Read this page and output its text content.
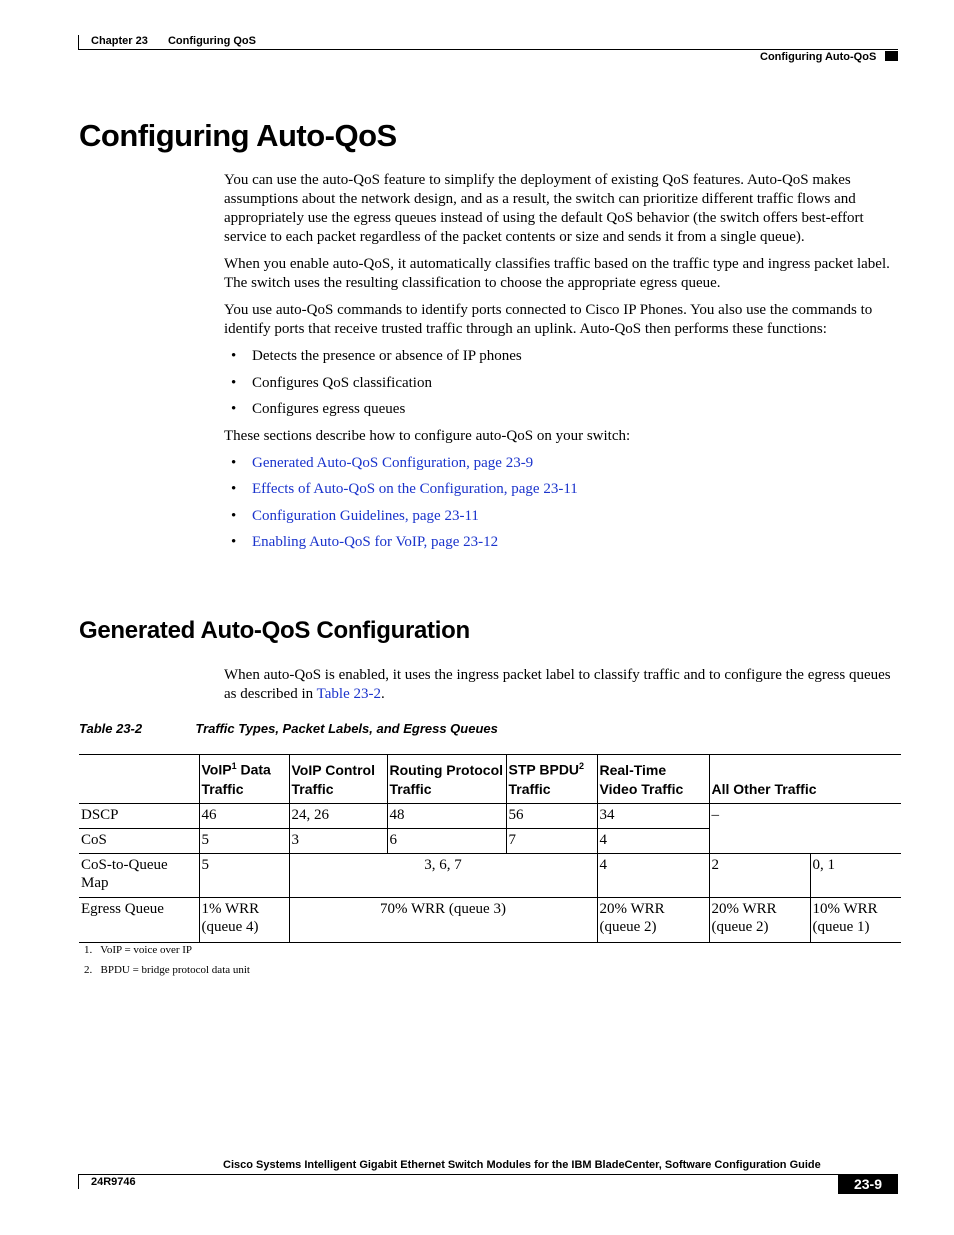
Chapter 23 Configuring QoS
Configuring Auto-QoS
Configuring Auto-QoS

You can use the auto-QoS feature to simplify the deployment of existing QoS features. Auto-QoS makes assumptions about the network design, and as a result, the switch can prioritize different traffic flows and appropriately use the egress queues instead of using the default QoS behavior (the switch offers best-effort service to each packet regardless of the packet contents or size and sends it from a single queue).

When you enable auto-QoS, it automatically classifies traffic based on the traffic type and ingress packet label. The switch uses the resulting classification to choose the appropriate egress queue.

You use auto-QoS commands to identify ports connected to Cisco IP Phones. You also use the commands to identify ports that receive trusted traffic through an uplink. Auto-QoS then performs these functions:

• Detects the presence or absence of IP phones
• Configures QoS classification
• Configures egress queues

These sections describe how to configure auto-QoS on your switch:

• Generated Auto-QoS Configuration, page 23-9
• Effects of Auto-QoS on the Configuration, page 23-11
• Configuration Guidelines, page 23-11
• Enabling Auto-QoS for VoIP, page 23-12
Generated Auto-QoS Configuration

When auto-QoS is enabled, it uses the ingress packet label to classify traffic and to configure the egress queues as described in Table 23-2.

Table 23-2	Traffic Types, Packet Labels, and Egress Queues
	VoIP$^1$ Data Traffic	VoIP Control Traffic	Routing Protocol Traffic	STP BPDU$^2$ Traffic	Real-Time Video Traffic	All Other Traffic	
DSCP	46	24, 26	48	56	34	–	
CoS	5	3	6	7	4		
CoS-to-Queue Map	5	3, 6, 7			4	2	0, 1
Egress Queue	1% WRR (queue 4)	70% WRR (queue 3)			20% WRR (queue 2)	20% WRR (queue 2)	10% WRR (queue 1)
1.   VoIP = voice over IP
2.   BPDU = bridge protocol data unit
Cisco Systems Intelligent Gigabit Ethernet Switch Modules for the IBM BladeCenter, Software Configuration Guide
24R9746	23-9
